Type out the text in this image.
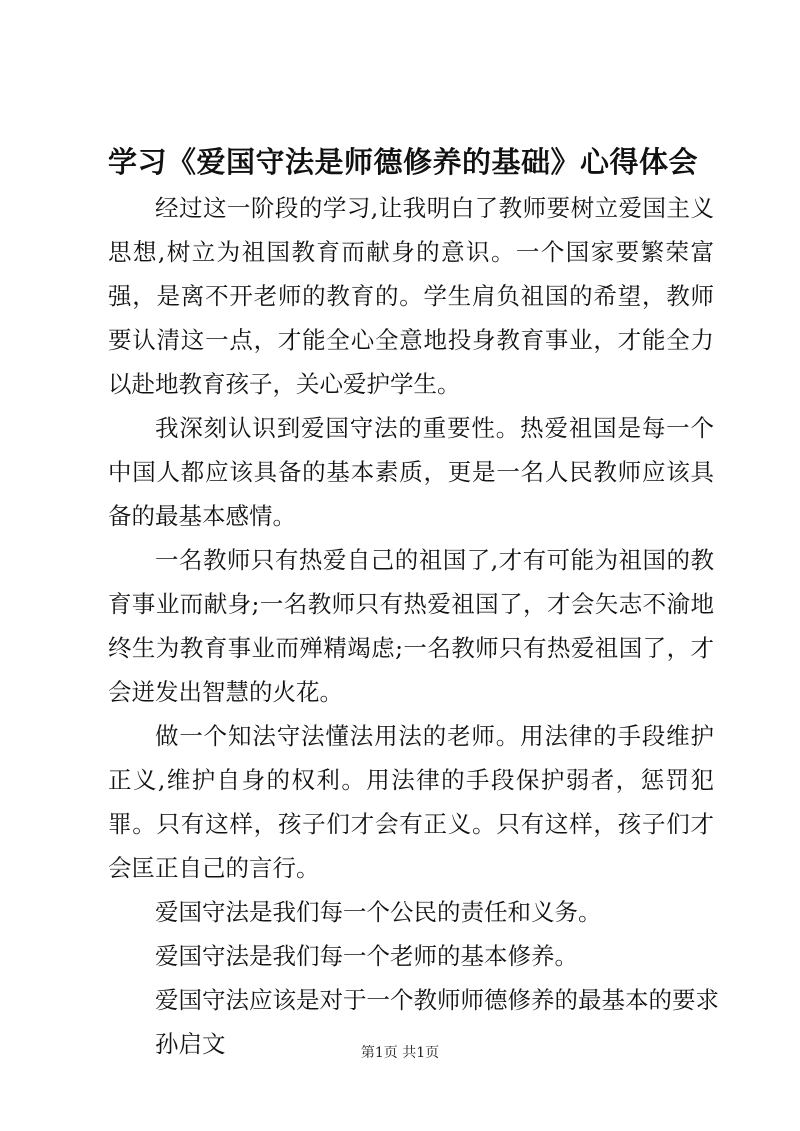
学习《爱国守法是师德修养的基础》心得体会

经过这一阶段的学习,让我明白了教师要树立爱国主义思想,树立为祖国教育而献身的意识。一个国家要繁荣富强，是离不开老师的教育的。学生肩负祖国的希望，教师要认清这一点，才能全心全意地投身教育事业，才能全力以赴地教育孩子，关心爱护学生。

我深刻认识到爱国守法的重要性。热爱祖国是每一个中国人都应该具备的基本素质，更是一名人民教师应该具备的最基本感情。

一名教师只有热爱自己的祖国了,才有可能为祖国的教育事业而献身;一名教师只有热爱祖国了，才会矢志不渝地终生为教育事业而殚精竭虑;一名教师只有热爱祖国了，才会迸发出智慧的火花。

做一个知法守法懂法用法的老师。用法律的手段维护正义,维护自身的权利。用法律的手段保护弱者，惩罚犯罪。只有这样，孩子们才会有正义。只有这样，孩子们才会匡正自己的言行。

爱国守法是我们每一个公民的责任和义务。

爱国守法是我们每一个老师的基本修养。

爱国守法应该是对于一个教师师德修养的最基本的要求

孙启文	第1页 共1页
